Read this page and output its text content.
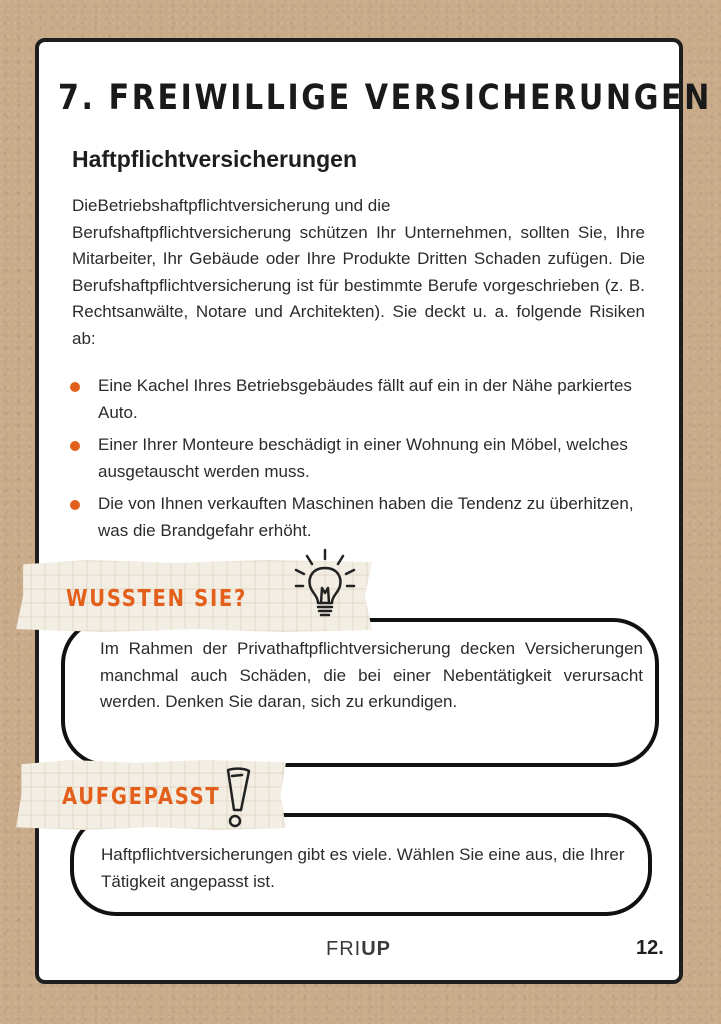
7. FREIWILLIGE VERSICHERUNGEN
Haftpflichtversicherungen
DieBetriebshaftpflichtversicherung und die
Berufshaftpflichtversicherung schützen Ihr Unternehmen, sollten Sie, Ihre Mitarbeiter, Ihr Gebäude oder Ihre Produkte Dritten Schaden zufügen. Die Berufshaftpflichtversicherung ist für bestimmte Berufe vorgeschrieben (z. B. Rechtsanwälte, Notare und Architekten). Sie deckt u. a. folgende Risiken ab:
Eine Kachel Ihres Betriebsgebäudes fällt auf ein in der Nähe parkiertes Auto.
Einer Ihrer Monteure beschädigt in einer Wohnung ein Möbel, welches ausgetauscht werden muss.
Die von Ihnen verkauften Maschinen haben die Tendenz zu überhitzen, was die Brandgefahr erhöht.
Im Rahmen der Privathaftpflichtversicherung decken Versicherungen manchmal auch Schäden, die bei einer Nebentätigkeit verursacht werden. Denken Sie daran, sich zu erkundigen.

WUSSTEN SIE?

Haftpflichtversicherungen gibt es viele. Wählen Sie eine aus, die Ihrer Tätigkeit angepasst ist.

AUFGEPASST

FRIUP	12.
